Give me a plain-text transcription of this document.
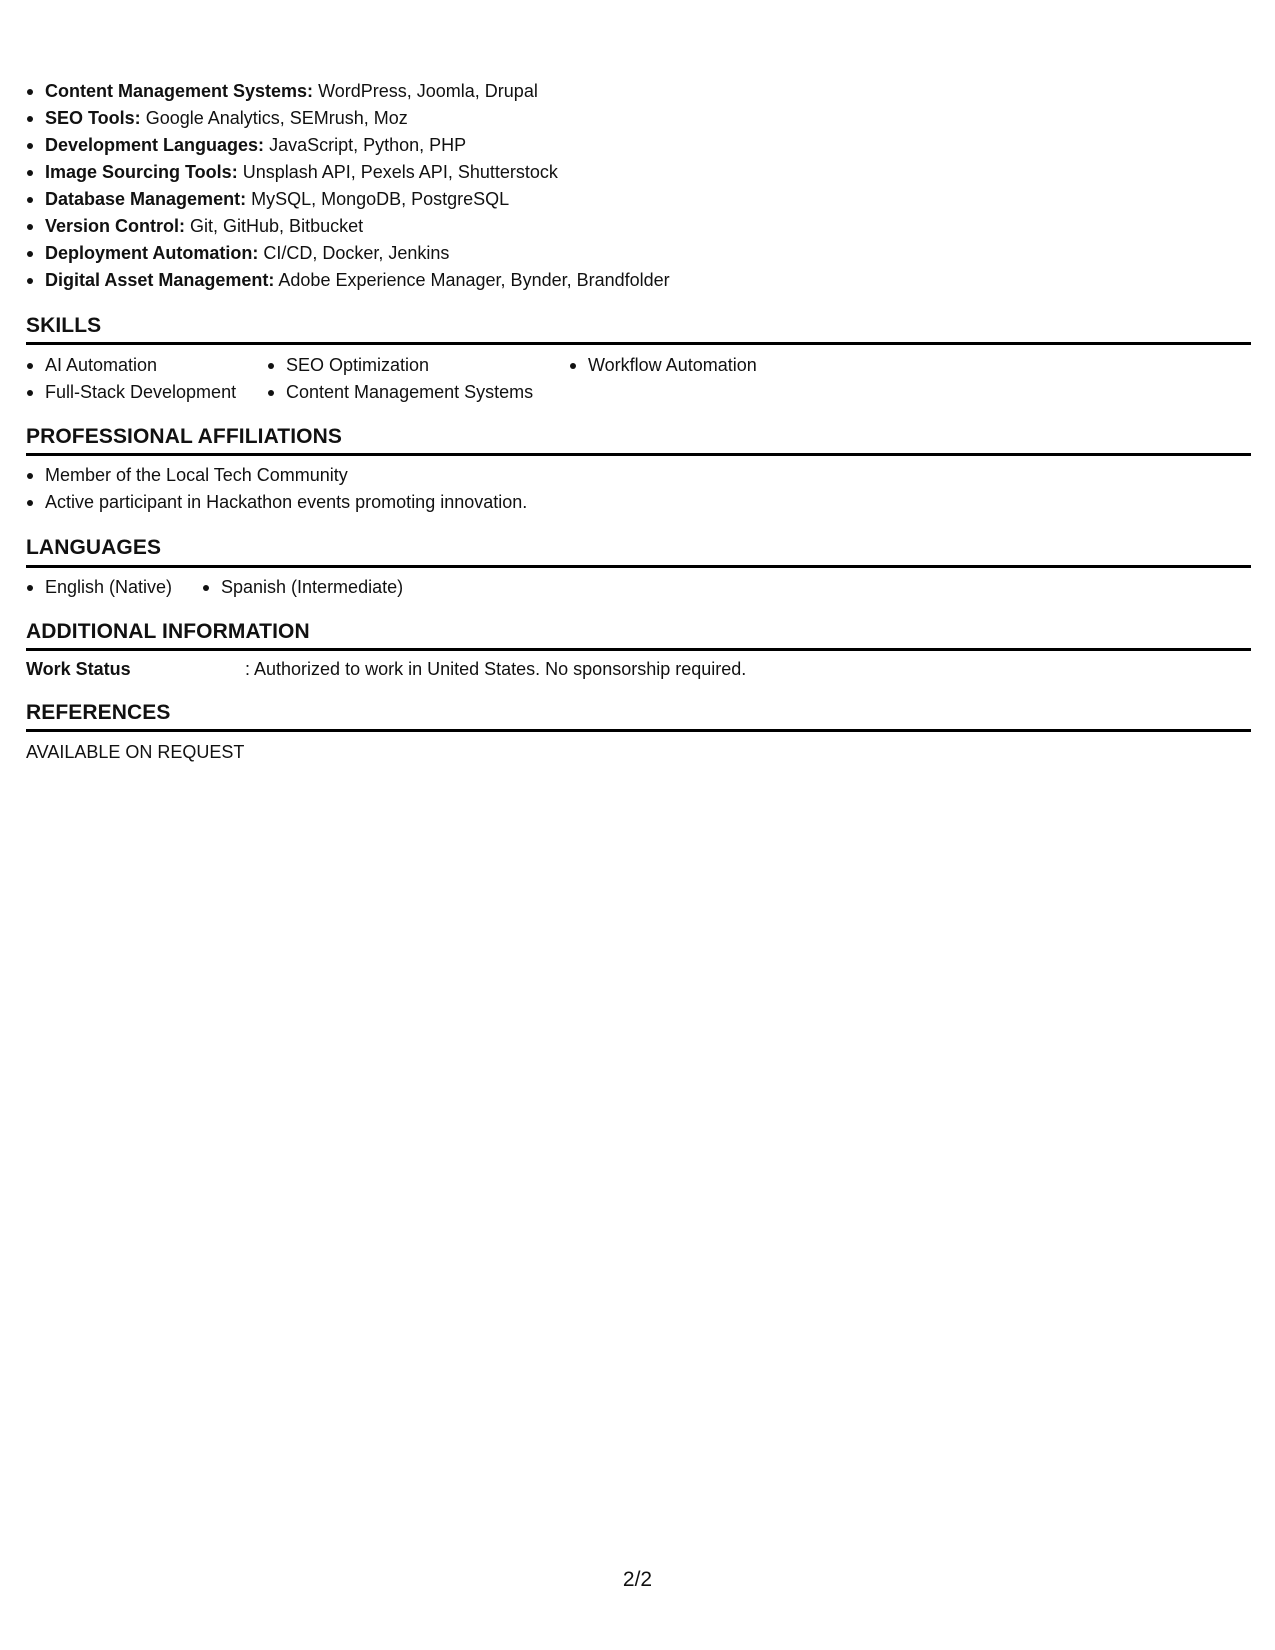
Content Management Systems: WordPress, Joomla, Drupal
SEO Tools: Google Analytics, SEMrush, Moz
Development Languages: JavaScript, Python, PHP
Image Sourcing Tools: Unsplash API, Pexels API, Shutterstock
Database Management: MySQL, MongoDB, PostgreSQL
Version Control: Git, GitHub, Bitbucket
Deployment Automation: CI/CD, Docker, Jenkins
Digital Asset Management: Adobe Experience Manager, Bynder, Brandfolder
SKILLS
AI Automation	SEO Optimization	Workflow Automation
Full-Stack Development	Content Management Systems
PROFESSIONAL AFFILIATIONS
Member of the Local Tech Community
Active participant in Hackathon events promoting innovation.
LANGUAGES
English (Native)	Spanish (Intermediate)
ADDITIONAL INFORMATION
Work Status	: Authorized to work in United States. No sponsorship required.
REFERENCES
AVAILABLE ON REQUEST
2/2
